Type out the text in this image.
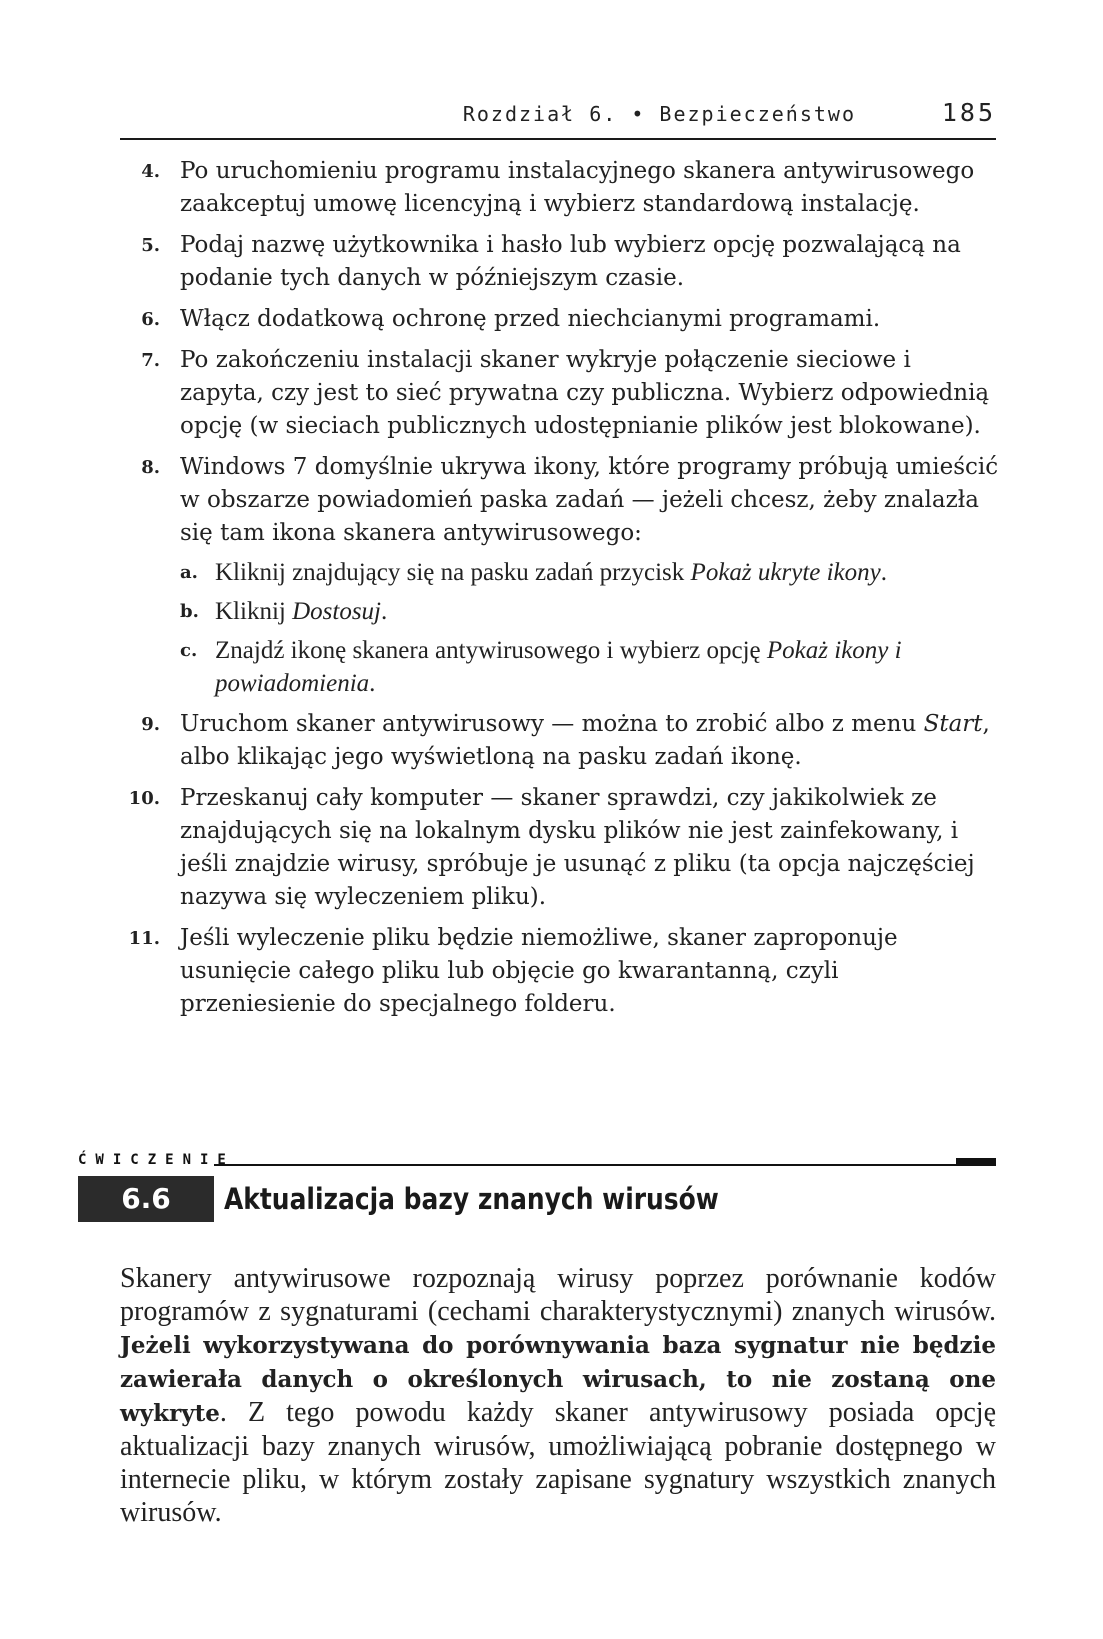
Rozdział 6. • Bezpieczeństwo	185
4. Po uruchomieniu programu instalacyjnego skanera antywirusowego zaakceptuj umowę licencyjną i wybierz standardową instalację.
5. Podaj nazwę użytkownika i hasło lub wybierz opcję pozwalającą na podanie tych danych w późniejszym czasie.
6. Włącz dodatkową ochronę przed niechcianymi programami.
7. Po zakończeniu instalacji skaner wykryje połączenie sieciowe i zapyta, czy jest to sieć prywatna czy publiczna. Wybierz odpowiednią opcję (w sieciach publicznych udostępnianie plików jest blokowane).
8. Windows 7 domyślnie ukrywa ikony, które programy próbują umieścić w obszarze powiadomień paska zadań — jeżeli chcesz, żeby znalazła się tam ikona skanera antywirusowego:
a. Kliknij znajdujący się na pasku zadań przycisk Pokaż ukryte ikony.
b. Kliknij Dostosuj.
c. Znajdź ikonę skanera antywirusowego i wybierz opcję Pokaż ikony i powiadomienia.
9. Uruchom skaner antywirusowy — można to zrobić albo z menu Start, albo klikając jego wyświetloną na pasku zadań ikonę.
10. Przeskanuj cały komputer — skaner sprawdzi, czy jakikolwiek ze znajdujących się na lokalnym dysku plików nie jest zainfekowany, i jeśli znajdzie wirusy, spróbuje je usunąć z pliku (ta opcja najczęściej nazywa się wyleczeniem pliku).
11. Jeśli wyleczenie pliku będzie niemożliwe, skaner zaproponuje usunięcie całego pliku lub objęcie go kwarantanną, czyli przeniesienie do specjalnego folderu.
ĆWICZENIE
6.6	Aktualizacja bazy znanych wirusów

Skanery antywirusowe rozpoznają wirusy poprzez porównanie kodów programów z sygnaturami (cechami charakterystycznymi) znanych wirusów. Jeżeli wykorzystywana do porównywania baza sygnatur nie będzie zawierała danych o określonych wirusach, to nie zostaną one wykryte. Z tego powodu każdy skaner antywirusowy posiada opcję aktualizacji bazy znanych wirusów, umożliwiającą pobranie dostępnego w internecie pliku, w którym zostały zapisane sygnatury wszystkich znanych wirusów.
